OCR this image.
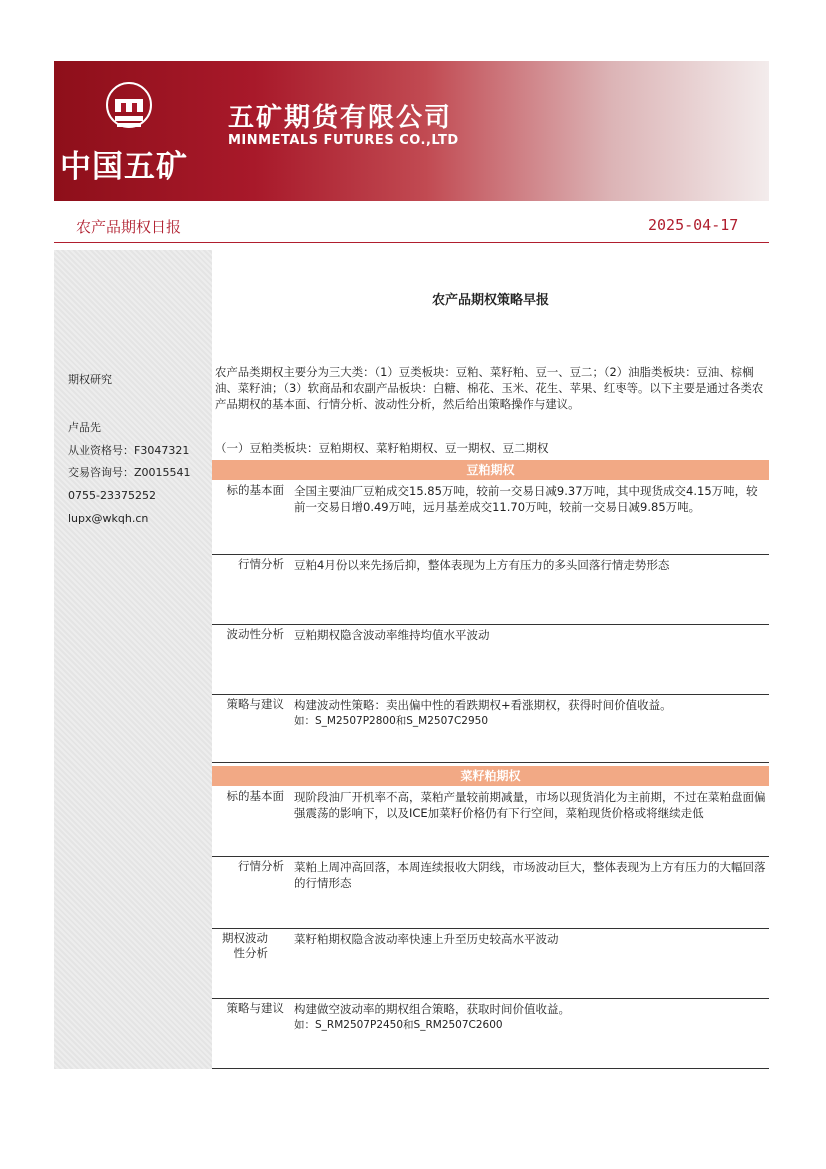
中国五矿
五矿期货有限公司
MINMETALS FUTURES CO.,LTD
农产品期权日报	2025-04-17
期权研究
卢品先
从业资格号：F3047321
交易咨询号：Z0015541
0755-23375252
lupx@wkqh.cn
农产品期权策略早报

农产品类期权主要分为三大类：（1）豆类板块：豆粕、菜籽粕、豆一、豆二；（2）油脂类板块：豆油、棕榈油、菜籽油；（3）软商品和农副产品板块：白糖、棉花、玉米、花生、苹果、红枣等。以下主要是通过各类农产品期权的基本面、行情分析、波动性分析，然后给出策略操作与建议。

（一）豆粕类板块：豆粕期权、菜籽粕期权、豆一期权、豆二期权
豆粕期权
标的基本面 全国主要油厂豆粕成交15.85万吨，较前一交易日减9.37万吨，其中现货成交4.15万吨，较前一交易日增0.49万吨，远月基差成交11.70万吨，较前一交易日减9.85万吨。
行情分析 豆粕4月份以来先扬后抑，整体表现为上方有压力的多头回落行情走势形态
波动性分析 豆粕期权隐含波动率维持均值水平波动
策略与建议 构建波动性策略：卖出偏中性的看跌期权+看涨期权，获得时间价值收益。
如：S_M2507P2800和S_M2507C2950
菜籽粕期权
标的基本面 现阶段油厂开机率不高，菜粕产量较前期减量，市场以现货消化为主前期，不过在菜粕盘面偏强震荡的影响下，以及ICE加菜籽价格仍有下行空间，菜粕现货价格或将继续走低
行情分析 菜粕上周冲高回落，本周连续报收大阴线，市场波动巨大，整体表现为上方有压力的大幅回落的行情形态
期权波动性分析
菜籽粕期权隐含波动率快速上升至历史较高水平波动
策略与建议 构建做空波动率的期权组合策略，获取时间价值收益。
如：S_RM2507P2450和S_RM2507C2600
